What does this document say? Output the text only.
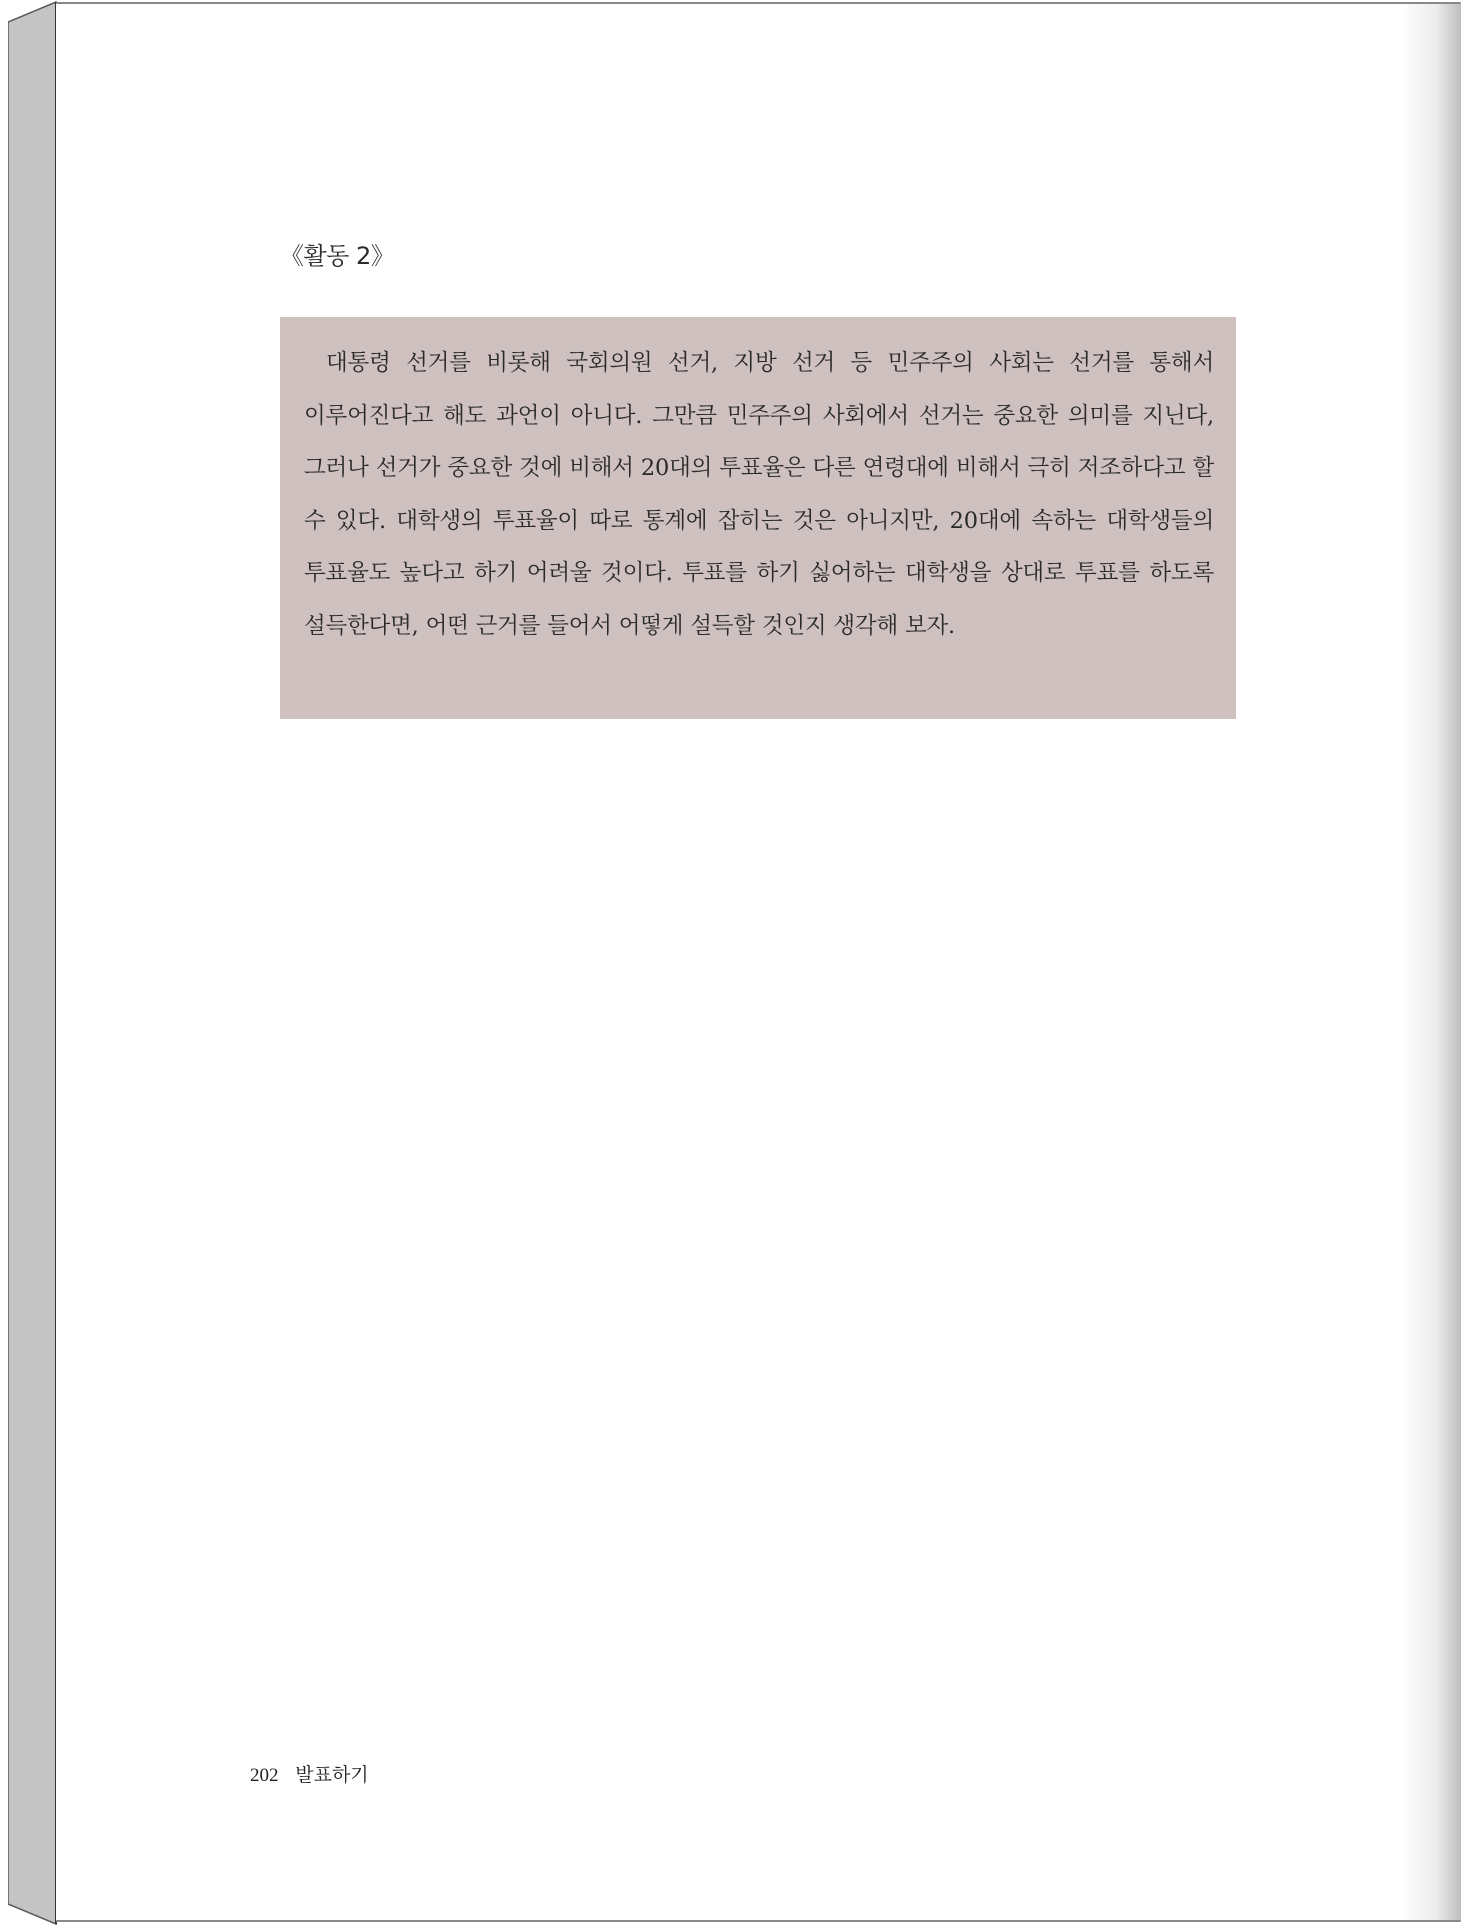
《활동 2》

대통령 선거를 비롯해 국회의원 선거, 지방 선거 등 민주주의 사회는 선거를 통해서 이루어진다고 해도 과언이 아니다. 그만큼 민주주의 사회에서 선거는 중요한 의미를 지닌다, 그러나 선거가 중요한 것에 비해서 20대의 투표율은 다른 연령대에 비해서 극히 저조하다고 할 수 있다. 대학생의 투표율이 따로 통계에 잡히는 것은 아니지만, 20대에 속하는 대학생들의 투표율도 높다고 하기 어려울 것이다. 투표를 하기 싫어하는 대학생을 상대로 투표를 하도록 설득한다면, 어떤 근거를 들어서 어떻게 설득할 것인지 생각해 보자.

202 발표하기
